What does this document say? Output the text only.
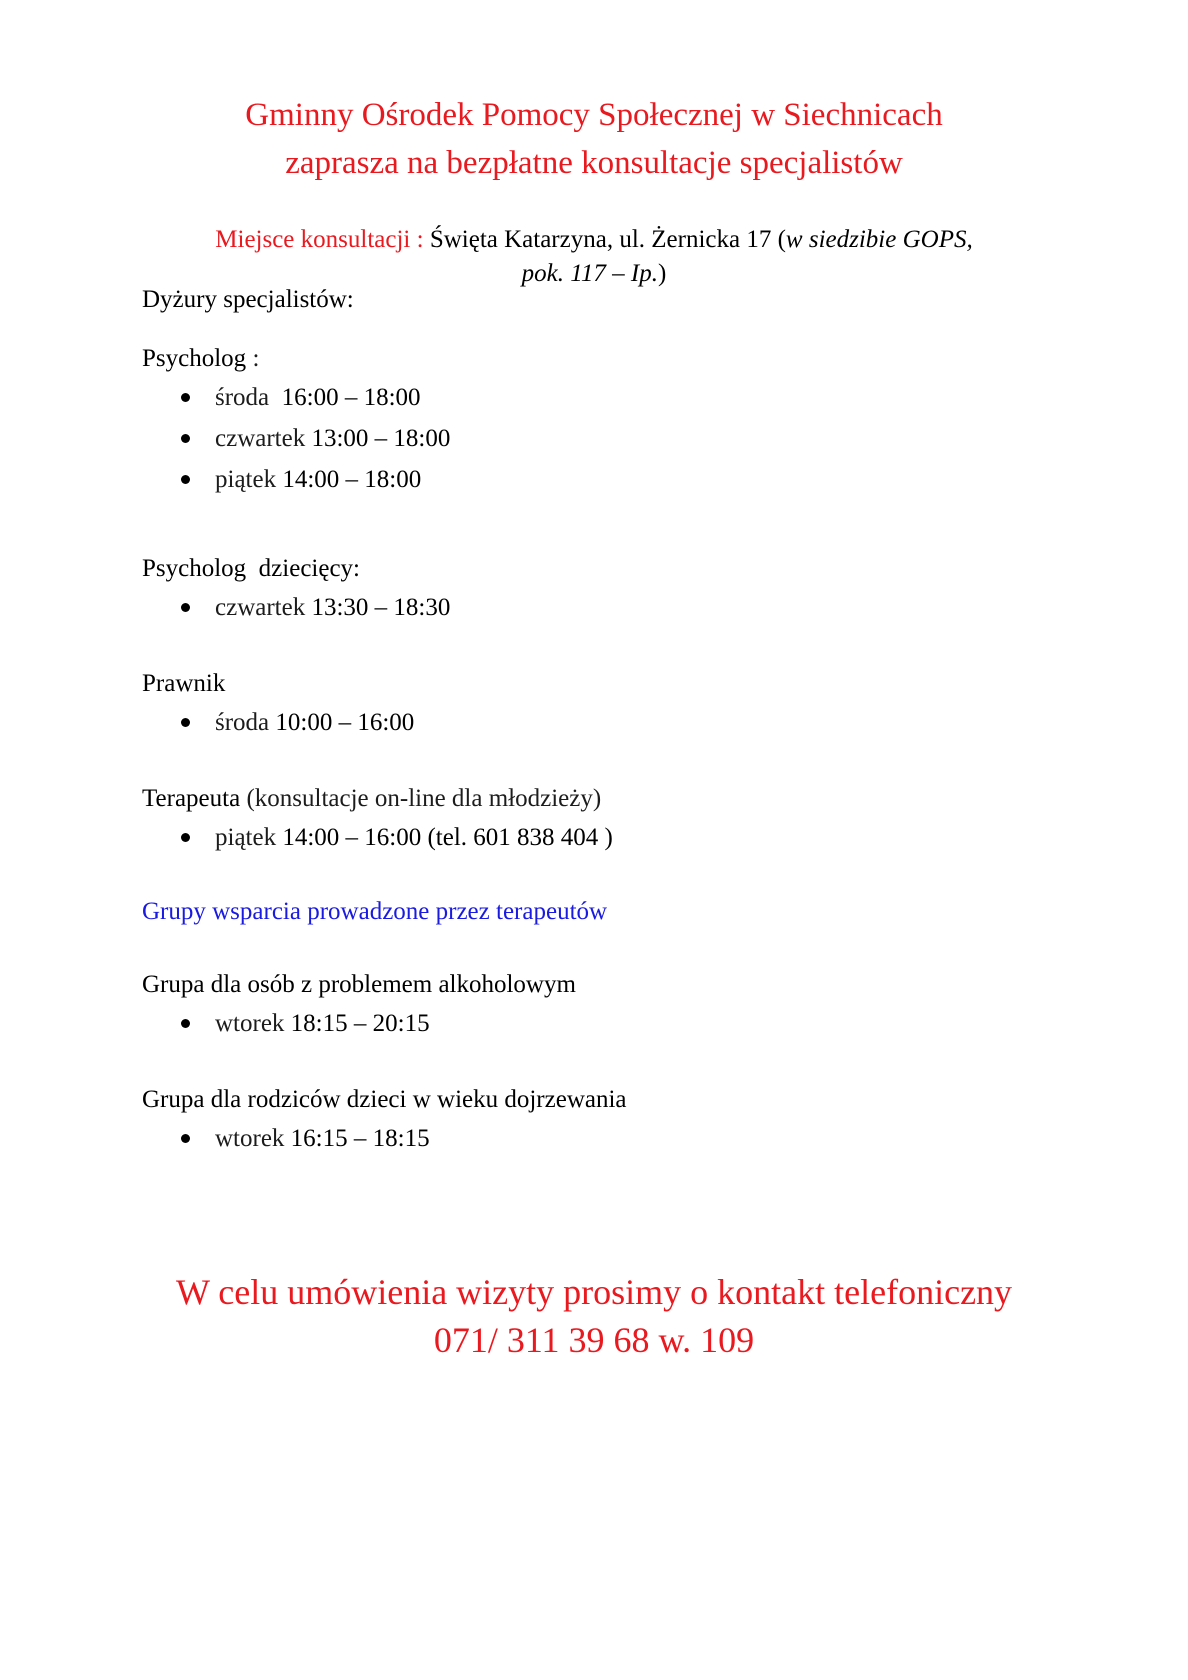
Gminny Ośrodek Pomocy Społecznej w Siechnicach
zaprasza na bezpłatne konsultacje specjalistów
Miejsce konsultacji : Święta Katarzyna, ul. Żernicka 17 (w siedzibie GOPS,
pok. 117 – Ip.)
Dyżury specjalistów:
Psycholog :
środa  16:00 – 18:00
czwartek 13:00 – 18:00
piątek 14:00 – 18:00
Psycholog  dziecięcy:
czwartek 13:30 – 18:30
Prawnik
środa 10:00 – 16:00
Terapeuta (konsultacje on-line dla młodzieży)
piątek 14:00 – 16:00 (tel. 601 838 404 )
Grupy wsparcia prowadzone przez terapeutów
Grupa dla osób z problemem alkoholowym
wtorek 18:15 – 20:15
Grupa dla rodziców dzieci w wieku dojrzewania
wtorek 16:15 – 18:15
W celu umówienia wizyty prosimy o kontakt telefoniczny
071/ 311 39 68 w. 109
